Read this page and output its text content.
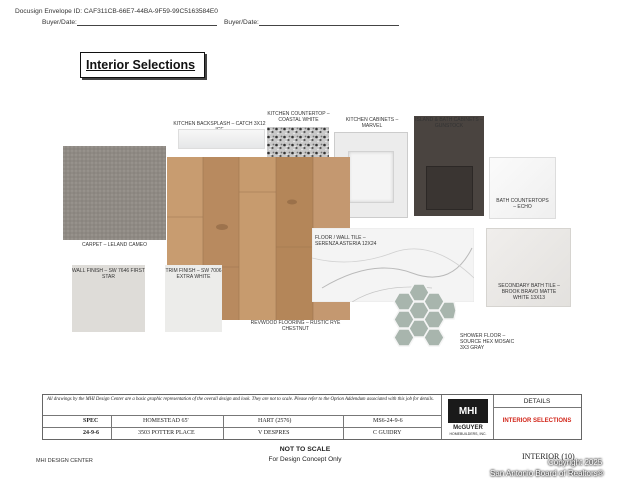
Docusign Envelope ID: CAF311CB-66E7-44BA-9F59-99C5163584E0
Buyer/Date:	Buyer/Date:
Interior Selections
KITCHEN BACKSPLASH – CATCH 3X12
KITCHEN COUNTERTOP – COASTAL WHITE	KITCHEN CABINETS – MARVEL
ISLAND & BATH CABINETS – GUNSTOCK
BATH COUNTERTOPS – ECHO
CARPET – LELAND CAMEO
REVWOOD FLOORING – RUSTIC RYE CHESTNUT
WALL FINISH – SW 7646 FIRST STAR
TRIM FINISH – SW 7006 EXTRA WHITE
FLOOR / WALL TILE – SERENZA ASTERIA 12X24
SECONDARY BATH TILE – BROOK BRAVO MATTE WHITE 13X13
SHOWER FLOOR – SOURCE HEX MOSAIC 3X3 GRAY
All drawings by the MHI Design Center are a basic graphic representation of the overall design and look. They are not to scale. Please refer to the Option Addendum associated with this job for details.
SPEC	HOMESTEAD 65'	HART (2576)	MS6-24-9-6
24-9-6	3503 POTTER PLACE	V DESPRES	C GUIDRY
MHI
McGUYER
HOMEBUILDERS, INC.
DETAILS
INTERIOR SELECTIONS
MHI DESIGN CENTER
NOT TO SCALE
For Design Concept Only	INTERIOR (10)
Copyright 2025
San Antonio Board of Realtors®
